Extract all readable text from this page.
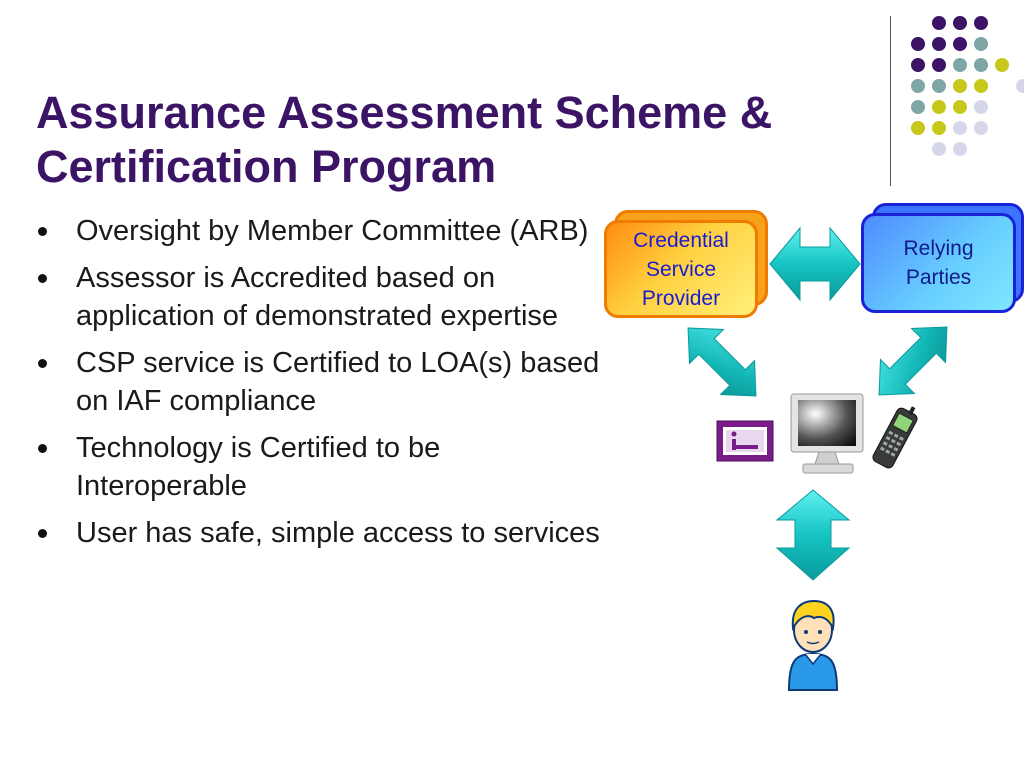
Assurance Assessment Scheme &
Certification Program
Oversight by Member Committee (ARB)
Assessor is Accredited based on application of demonstrated expertise
CSP service is Certified to LOA(s) based on IAF compliance
Technology is Certified to be Interoperable
User has safe, simple access to services
Credential Service Provider
Relying Parties
